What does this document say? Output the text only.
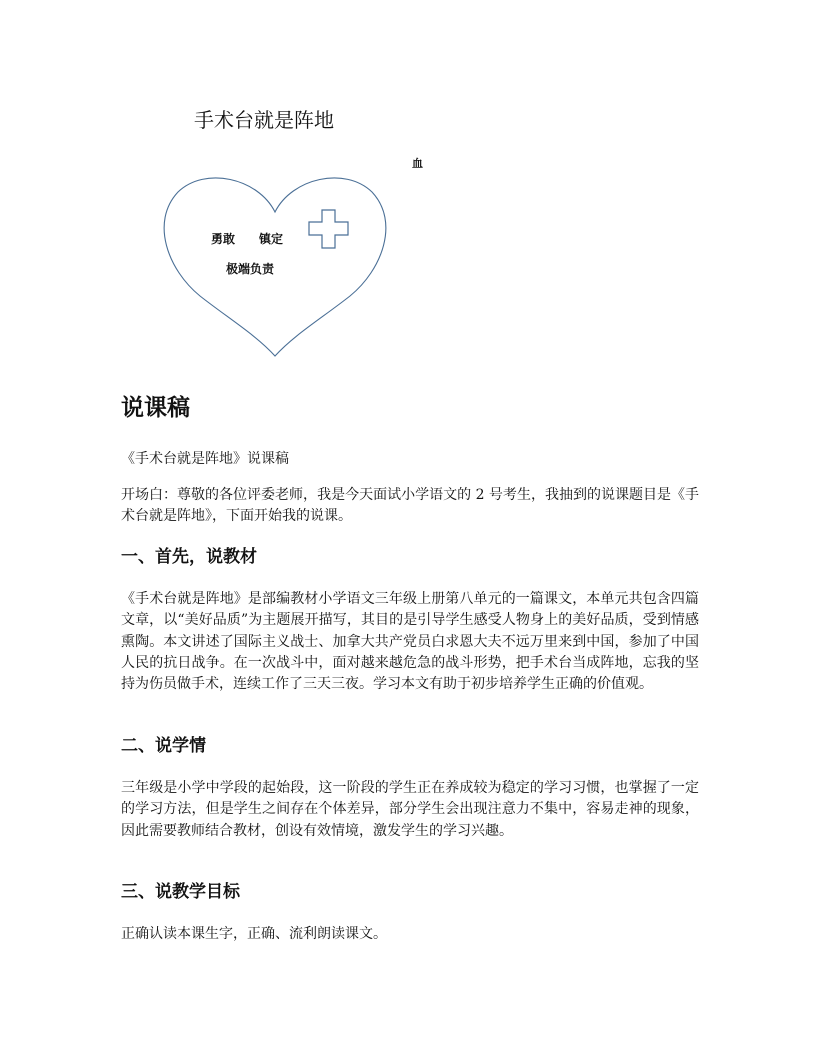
手术台就是阵地
血
勇敢 镇定
极端负责
说课稿

《手术台就是阵地》说课稿

开场白：尊敬的各位评委老师，我是今天面试小学语文的 2 号考生，我抽到的说课题目是《手术台就是阵地》，下面开始我的说课。

一、首先，说教材

《手术台就是阵地》是部编教材小学语文三年级上册第八单元的一篇课文，本单元共包含四篇文章，以“美好品质”为主题展开描写，其目的是引导学生感受人物身上的美好品质，受到情感熏陶。本文讲述了国际主义战士、加拿大共产党员白求恩大夫不远万里来到中国，参加了中国人民的抗日战争。在一次战斗中，面对越来越危急的战斗形势，把手术台当成阵地，忘我的坚持为伤员做手术，连续工作了三天三夜。学习本文有助于初步培养学生正确的价值观。

二、说学情

三年级是小学中学段的起始段，这一阶段的学生正在养成较为稳定的学习习惯，也掌握了一定的学习方法，但是学生之间存在个体差异，部分学生会出现注意力不集中，容易走神的现象，因此需要教师结合教材，创设有效情境，激发学生的学习兴趣。

三、说教学目标

正确认读本课生字，正确、流利朗读课文。
